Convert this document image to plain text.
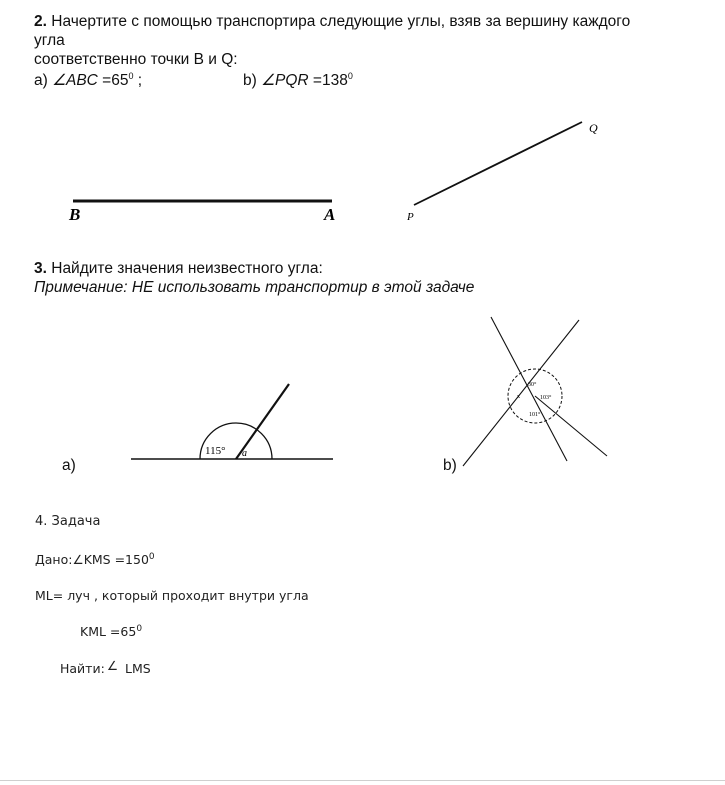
2. Начертите с помощью транспортира следующие углы, взяв за вершину каждого
угла
соответственно точки B и Q:
а) ∠ABC $=65^0$ ;	b) ∠PQR $=138^0$
B	A	P
Q
3. Найдите значения неизвестного угла:
Примечание: НЕ использовать транспортир в этой задаче
а)	b)
115° a
30°
103°
101°
x
4. Задача
Дано:∠KMS $=150^0$
ML= луч , который проходит внутри угла
KML $=65^0$
Найти: ∠ LMS
